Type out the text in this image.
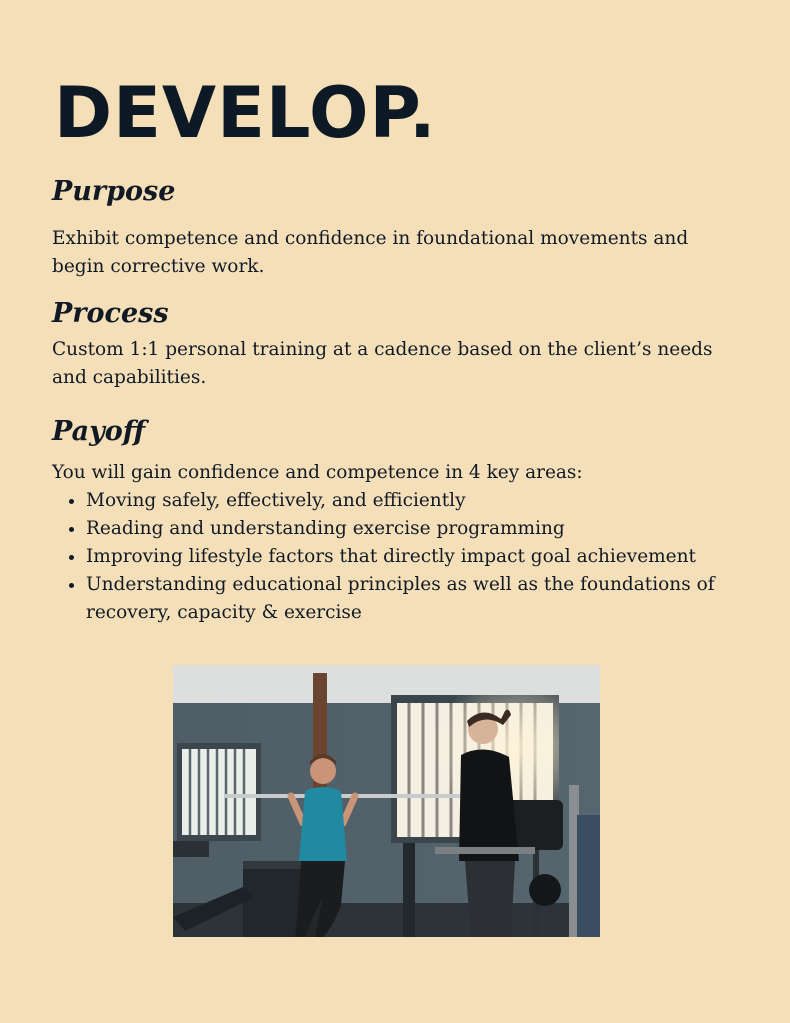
DEVELOP.
Purpose

Exhibit competence and confidence in foundational movements and begin corrective work.

Process

Custom 1:1 personal training at a cadence based on the client’s needs and capabilities.

Payoff

You will gain confidence and competence in 4 key areas:

• Moving safely, effectively, and efficiently
• Reading and understanding exercise programming
• Improving lifestyle factors that directly impact goal achievement
• Understanding educational principles as well as the foundations of recovery, capacity & exercise
